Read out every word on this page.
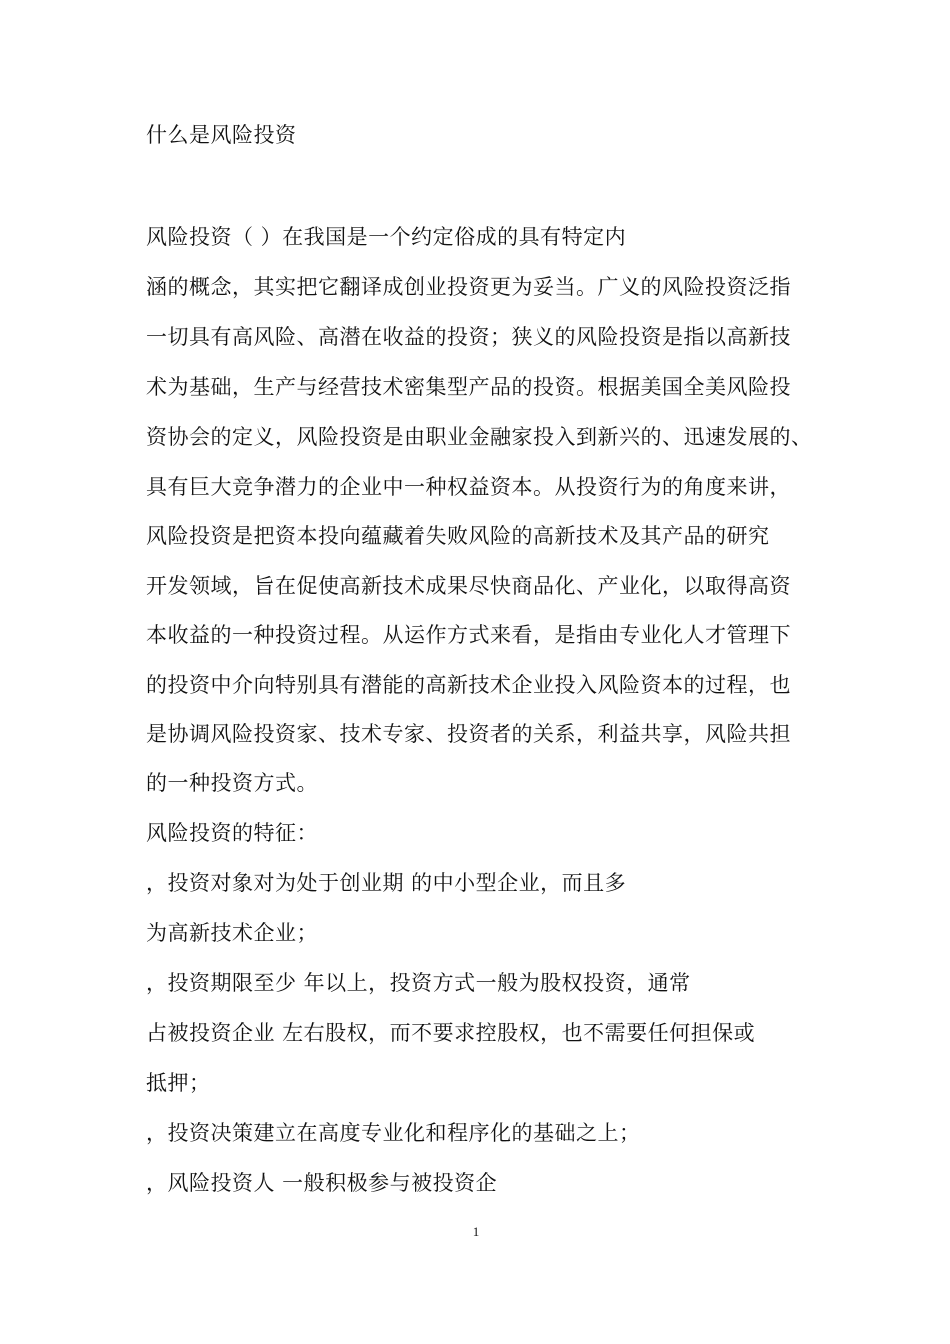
什么是风险投资
风险投资（ ）在我国是一个约定俗成的具有特定内
涵的概念，其实把它翻译成创业投资更为妥当。广义的风险投资泛指
一切具有高风险、高潜在收益的投资；狭义的风险投资是指以高新技
术为基础，生产与经营技术密集型产品的投资。根据美国全美风险投
资协会的定义，风险投资是由职业金融家投入到新兴的、迅速发展的、
具有巨大竞争潜力的企业中一种权益资本。从投资行为的角度来讲，
风险投资是把资本投向蕴藏着失败风险的高新技术及其产品的研究
开发领域，旨在促使高新技术成果尽快商品化、产业化，以取得高资
本收益的一种投资过程。从运作方式来看，是指由专业化人才管理下
的投资中介向特别具有潜能的高新技术企业投入风险资本的过程，也
是协调风险投资家、技术专家、投资者的关系，利益共享，风险共担
的一种投资方式。
风险投资的特征：
，投资对象对为处于创业期 的中小型企业，而且多
为高新技术企业；
，投资期限至少 年以上，投资方式一般为股权投资，通常
占被投资企业 左右股权，而不要求控股权，也不需要任何担保或
抵押；
，投资决策建立在高度专业化和程序化的基础之上；
，风险投资人 一般积极参与被投资企
1
